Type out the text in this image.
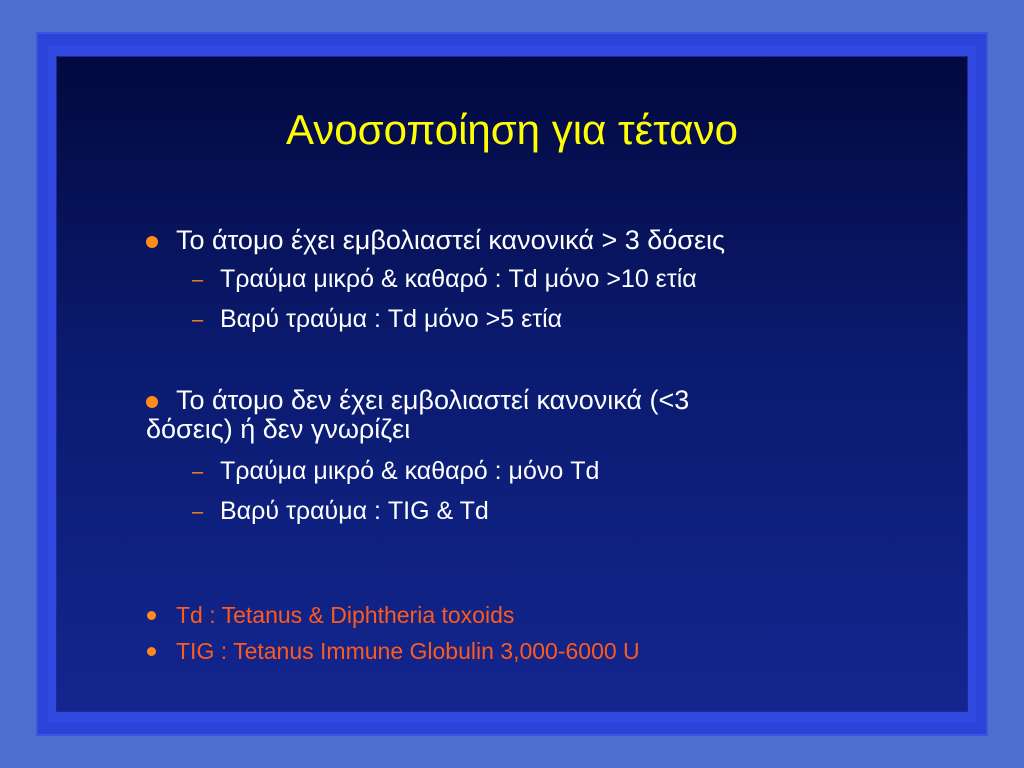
Ανοσοποίηση για τέτανο
Το άτομο έχει εμβολιαστεί κανονικά > 3 δόσεις
– Τραύμα μικρό & καθαρό : Td μόνο >10 ετία
– Βαρύ τραύμα : Td μόνο >5 ετία
Το άτομο δεν έχει εμβολιαστεί κανονικά (<3
δόσεις) ή δεν γνωρίζει
– Τραύμα μικρό & καθαρό : μόνο Td
– Βαρύ τραύμα : TIG & Td
Td : Tetanus & Diphtheria toxoids
TIG : Tetanus Immune Globulin 3,000-6000 U
